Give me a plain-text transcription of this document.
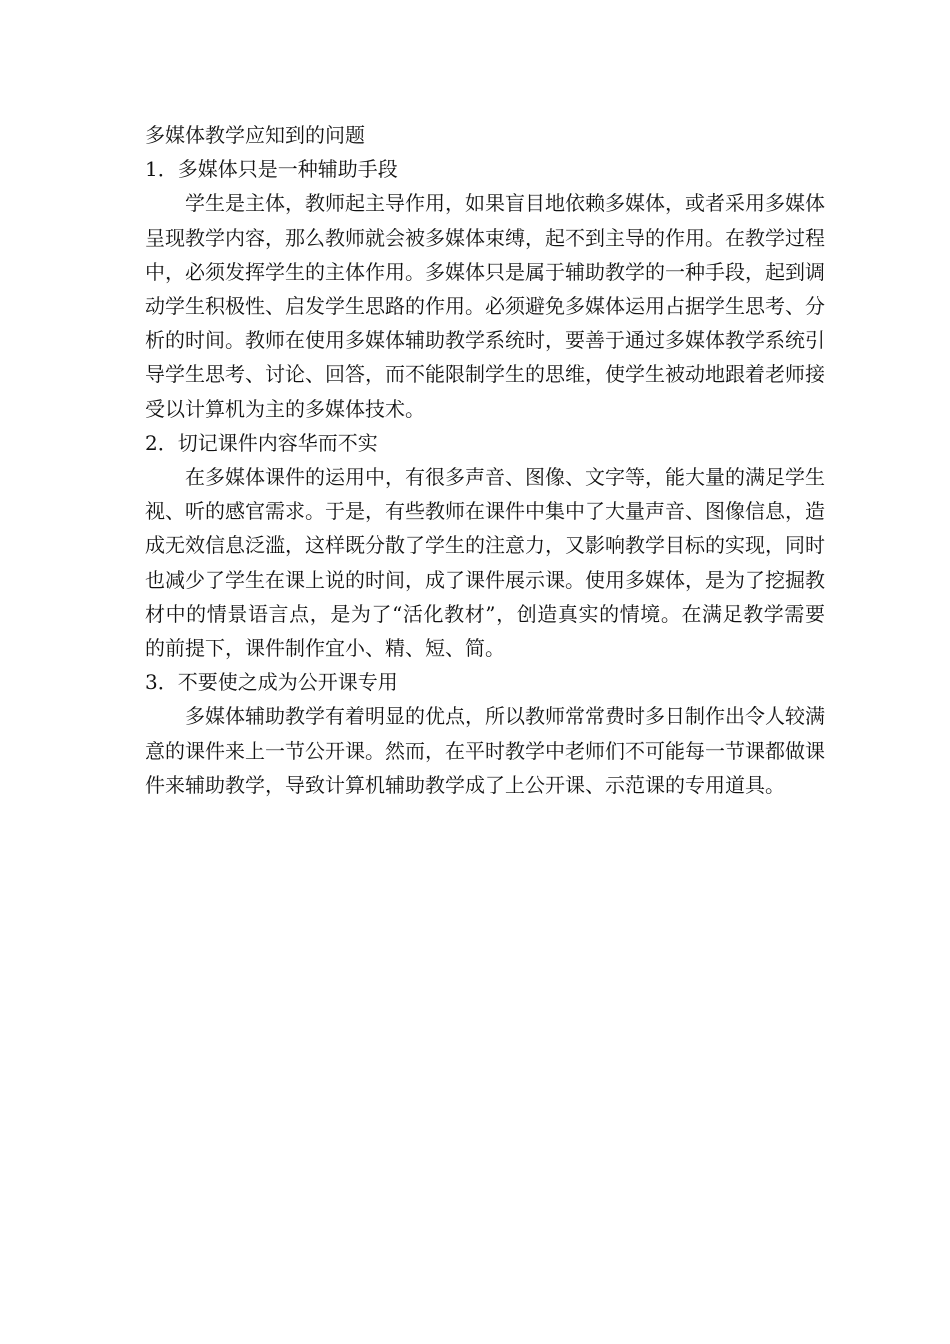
多媒体教学应知到的问题

1．多媒体只是一种辅助手段

学生是主体，教师起主导作用，如果盲目地依赖多媒体，或者采用多媒体呈现教学内容，那么教师就会被多媒体束缚，起不到主导的作用。在教学过程中，必须发挥学生的主体作用。多媒体只是属于辅助教学的一种手段，起到调动学生积极性、启发学生思路的作用。必须避免多媒体运用占据学生思考、分析的时间。教师在使用多媒体辅助教学系统时，要善于通过多媒体教学系统引导学生思考、讨论、回答，而不能限制学生的思维，使学生被动地跟着老师接受以计算机为主的多媒体技术。

2．切记课件内容华而不实

在多媒体课件的运用中，有很多声音、图像、文字等，能大量的满足学生视、听的感官需求。于是，有些教师在课件中集中了大量声音、图像信息，造成无效信息泛滥，这样既分散了学生的注意力，又影响教学目标的实现，同时也减少了学生在课上说的时间，成了课件展示课。使用多媒体，是为了挖掘教材中的情景语言点，是为了“活化教材”，创造真实的情境。在满足教学需要的前提下，课件制作宜小、精、短、简。

3．不要使之成为公开课专用

多媒体辅助教学有着明显的优点，所以教师常常费时多日制作出令人较满意的课件来上一节公开课。然而，在平时教学中老师们不可能每一节课都做课件来辅助教学，导致计算机辅助教学成了上公开课、示范课的专用道具。
